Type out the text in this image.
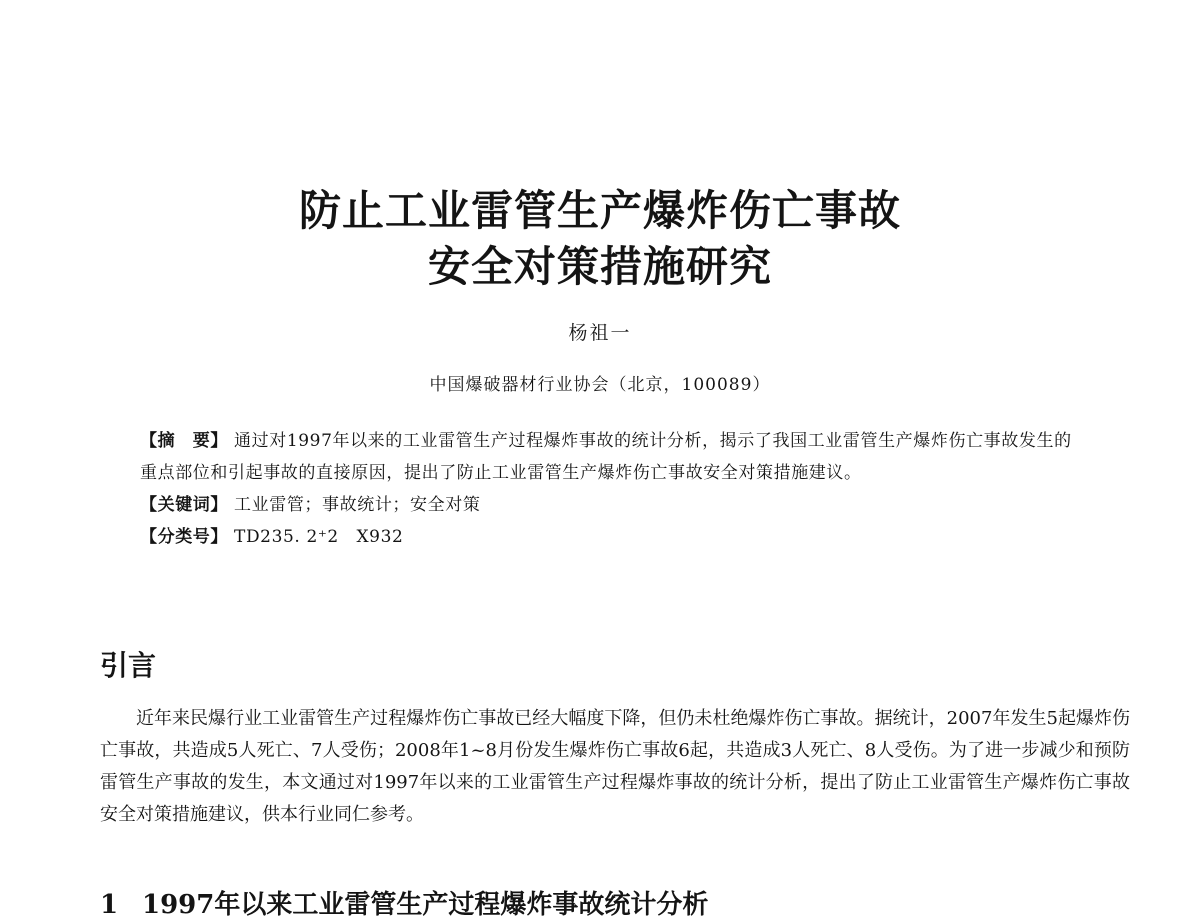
防止工业雷管生产爆炸伤亡事故
安全对策措施研究
杨祖一
中国爆破器材行业协会（北京，100089）

【摘　要】 通过对1997年以来的工业雷管生产过程爆炸事故的统计分析，揭示了我国工业雷管生产爆炸伤亡事故发生的重点部位和引起事故的直接原因，提出了防止工业雷管生产爆炸伤亡事故安全对策措施建议。

【关键词】 工业雷管；事故统计；安全对策

【分类号】 TD235. 2⁺2　X932

引言

近年来民爆行业工业雷管生产过程爆炸伤亡事故已经大幅度下降，但仍未杜绝爆炸伤亡事故。据统计，2007年发生5起爆炸伤亡事故，共造成5人死亡、7人受伤；2008年1~8月份发生爆炸伤亡事故6起，共造成3人死亡、8人受伤。为了进一步减少和预防雷管生产事故的发生，本文通过对1997年以来的工业雷管生产过程爆炸事故的统计分析，提出了防止工业雷管生产爆炸伤亡事故安全对策措施建议，供本行业同仁参考。

1 1997年以来工业雷管生产过程爆炸事故统计分析
